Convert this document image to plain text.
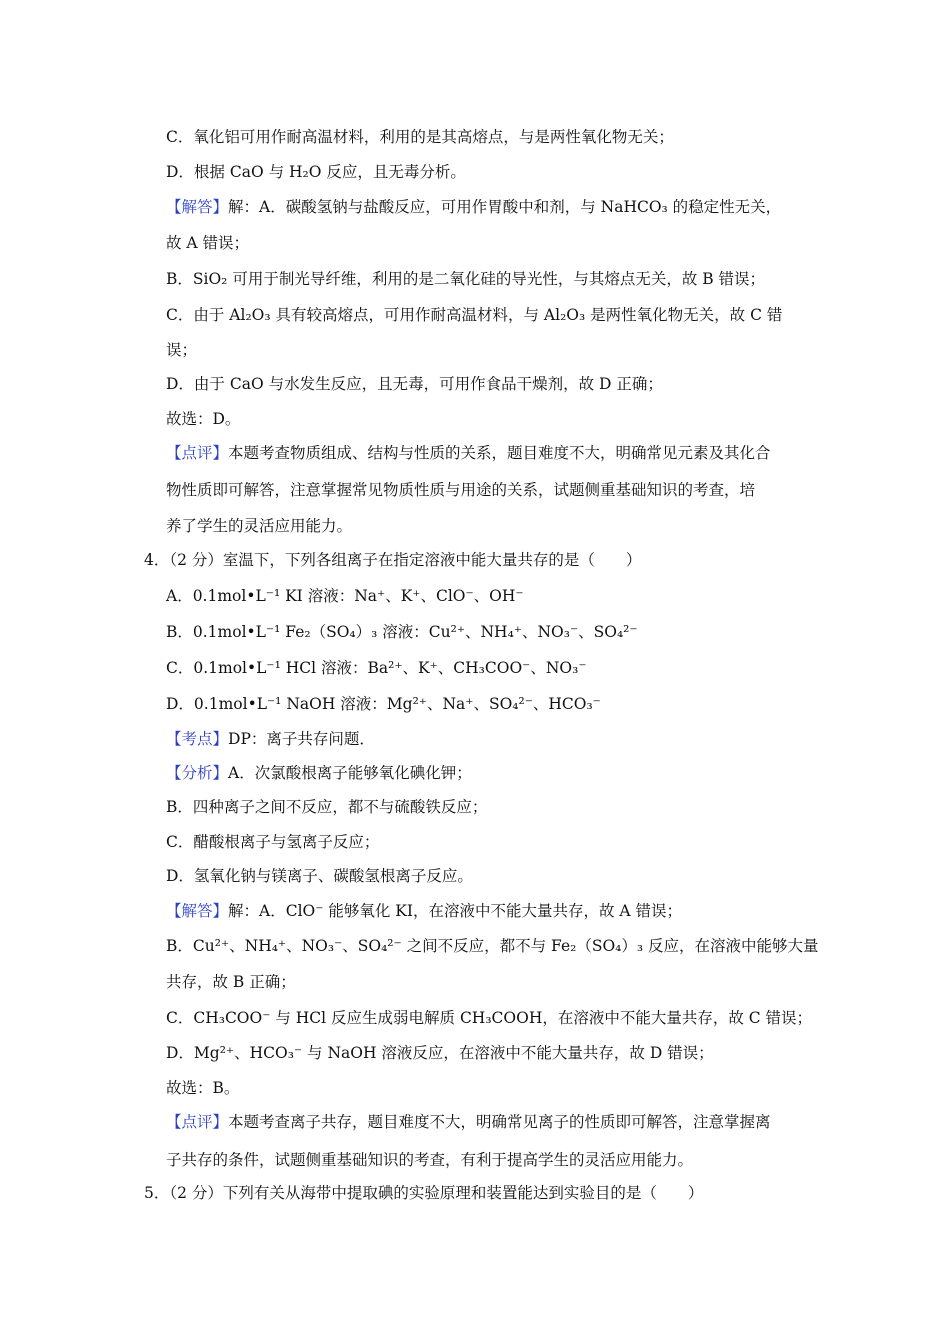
C．氧化铝可用作耐高温材料，利用的是其高熔点，与是两性氧化物无关；
D．根据 CaO 与 H₂O 反应，且无毒分析。
【解答】解：A．碳酸氢钠与盐酸反应，可用作胃酸中和剂，与 NaHCO₃ 的稳定性无关，
故 A 错误；
B．SiO₂ 可用于制光导纤维，利用的是二氧化硅的导光性，与其熔点无关，故 B 错误；
C．由于 Al₂O₃ 具有较高熔点，可用作耐高温材料，与 Al₂O₃ 是两性氧化物无关，故 C 错
误；
D．由于 CaO 与水发生反应，且无毒，可用作食品干燥剂，故 D 正确；
故选：D。
【点评】本题考查物质组成、结构与性质的关系，题目难度不大，明确常见元素及其化合
物性质即可解答，注意掌握常见物质性质与用途的关系，试题侧重基础知识的考查，培
养了学生的灵活应用能力。
4．（2 分）室温下，下列各组离子在指定溶液中能大量共存的是（　　）
A．0.1mol•L⁻¹ KI 溶液：Na⁺、K⁺、ClO⁻、OH⁻
B．0.1mol•L⁻¹ Fe₂（SO₄）₃ 溶液：Cu²⁺、NH₄⁺、NO₃⁻、SO₄²⁻
C．0.1mol•L⁻¹ HCl 溶液：Ba²⁺、K⁺、CH₃COO⁻、NO₃⁻
D．0.1mol•L⁻¹ NaOH 溶液：Mg²⁺、Na⁺、SO₄²⁻、HCO₃⁻
【考点】DP：离子共存问题．
【分析】A．次氯酸根离子能够氧化碘化钾；
B．四种离子之间不反应，都不与硫酸铁反应；
C．醋酸根离子与氢离子反应；
D．氢氧化钠与镁离子、碳酸氢根离子反应。
【解答】解：A．ClO⁻ 能够氧化 KI，在溶液中不能大量共存，故 A 错误；
B．Cu²⁺、NH₄⁺、NO₃⁻、SO₄²⁻ 之间不反应，都不与 Fe₂（SO₄）₃ 反应，在溶液中能够大量
共存，故 B 正确；
C．CH₃COO⁻ 与 HCl 反应生成弱电解质 CH₃COOH，在溶液中不能大量共存，故 C 错误；
D．Mg²⁺、HCO₃⁻ 与 NaOH 溶液反应，在溶液中不能大量共存，故 D 错误；
故选：B。
【点评】本题考查离子共存，题目难度不大，明确常见离子的性质即可解答，注意掌握离
子共存的条件，试题侧重基础知识的考查，有利于提高学生的灵活应用能力。
5．（2 分）下列有关从海带中提取碘的实验原理和装置能达到实验目的是（　　）
